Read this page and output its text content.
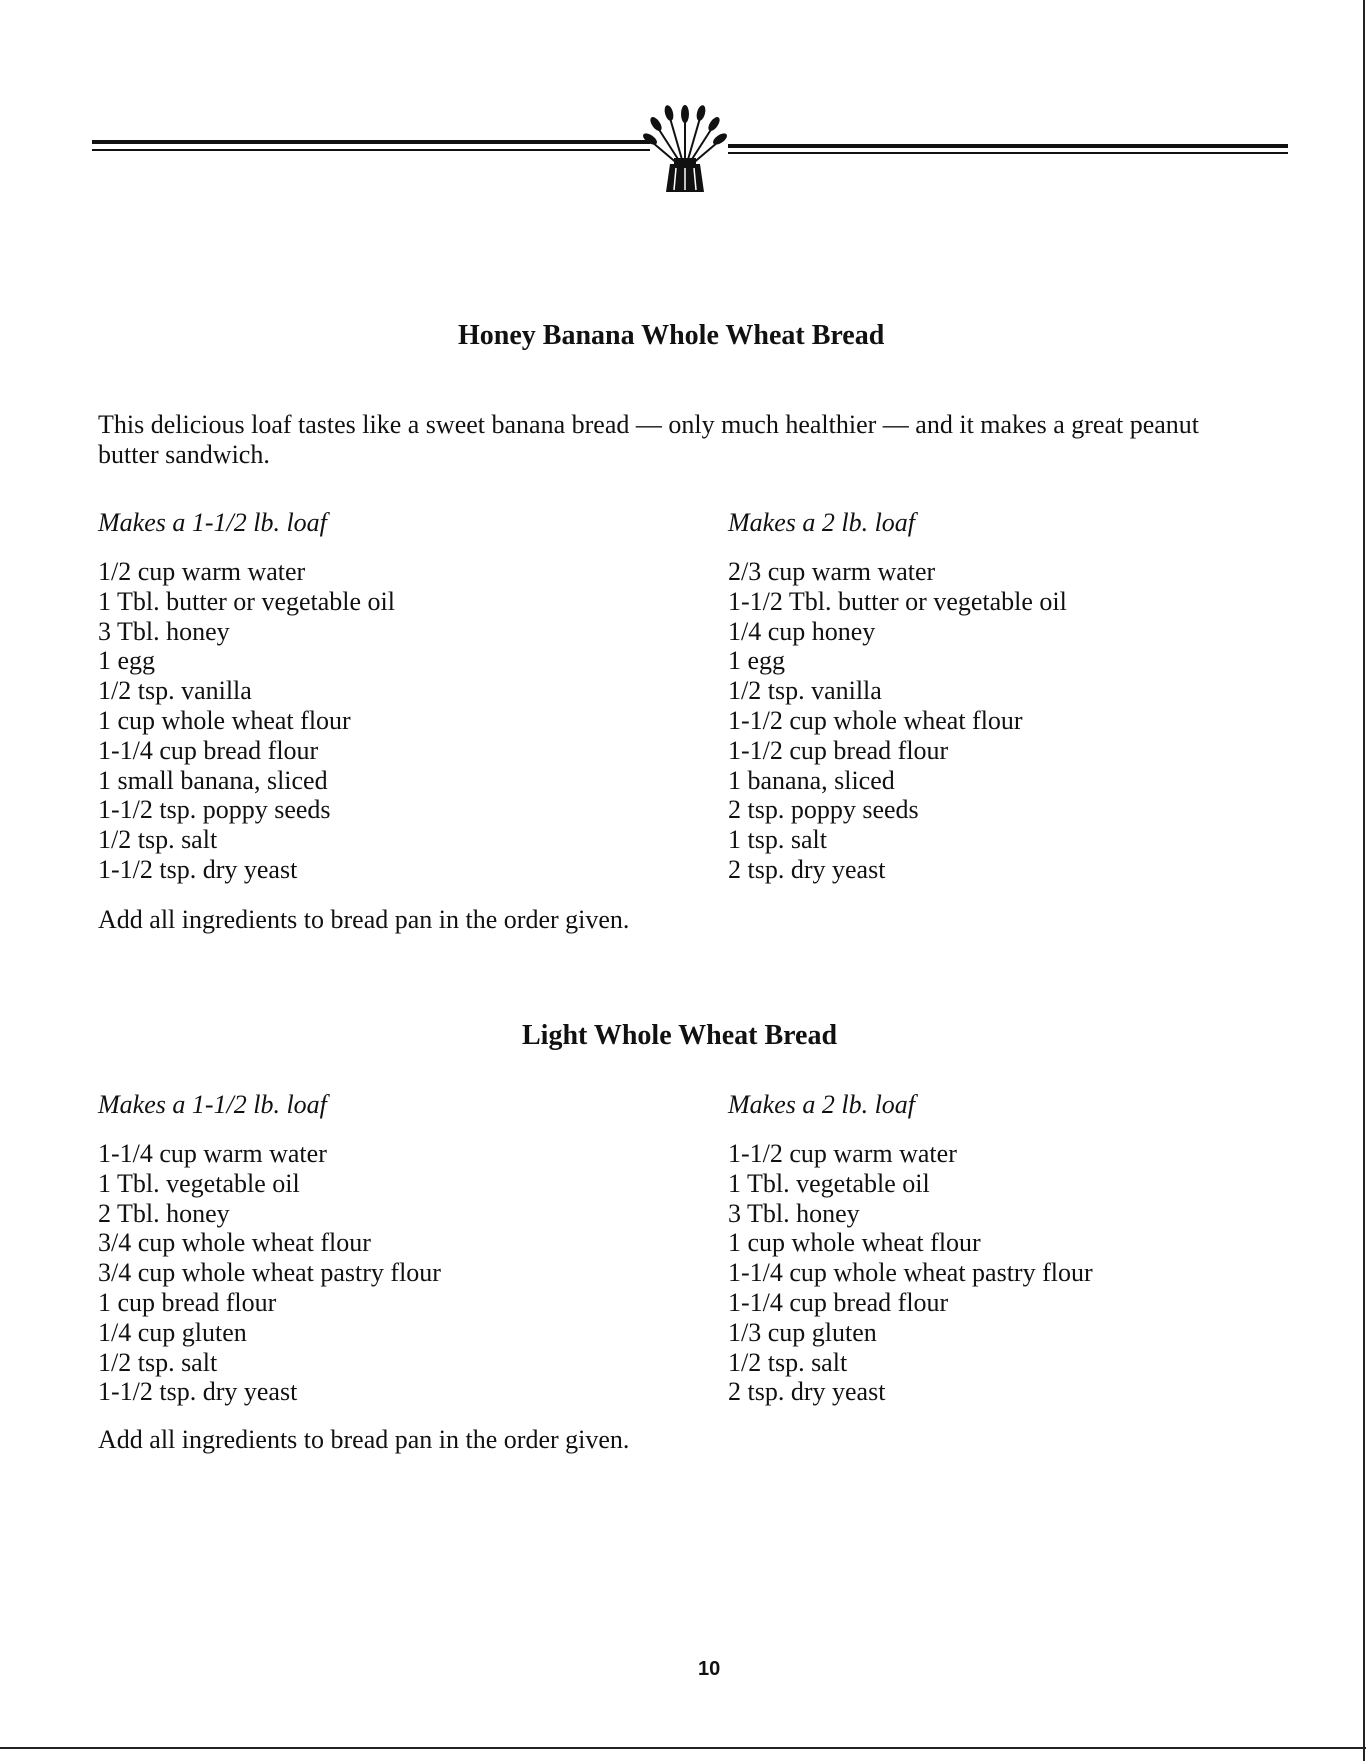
Honey Banana Whole Wheat Bread
This delicious loaf tastes like a sweet banana bread — only much healthier — and it makes a great peanut butter sandwich.
Makes a 1-1/2 lb. loaf	Makes a 2 lb. loaf
1/2 cup warm water
1 Tbl. butter or vegetable oil
3 Tbl. honey
1 egg
1/2 tsp. vanilla
1 cup whole wheat flour
1-1/4 cup bread flour
1 small banana, sliced
1-1/2 tsp. poppy seeds
1/2 tsp. salt
1-1/2 tsp. dry yeast
2/3 cup warm water
1-1/2 Tbl. butter or vegetable oil
1/4 cup honey
1 egg
1/2 tsp. vanilla
1-1/2 cup whole wheat flour
1-1/2 cup bread flour
1 banana, sliced
2 tsp. poppy seeds
1 tsp. salt
2 tsp. dry yeast
Add all ingredients to bread pan in the order given.
Light Whole Wheat Bread
Makes a 1-1/2 lb. loaf	Makes a 2 lb. loaf
1-1/4 cup warm water
1 Tbl. vegetable oil
2 Tbl. honey
3/4 cup whole wheat flour
3/4 cup whole wheat pastry flour
1 cup bread flour
1/4 cup gluten
1/2 tsp. salt
1-1/2 tsp. dry yeast
1-1/2 cup warm water
1 Tbl. vegetable oil
3 Tbl. honey
1 cup whole wheat flour
1-1/4 cup whole wheat pastry flour
1-1/4 cup bread flour
1/3 cup gluten
1/2 tsp. salt
2 tsp. dry yeast
Add all ingredients to bread pan in the order given.
10
